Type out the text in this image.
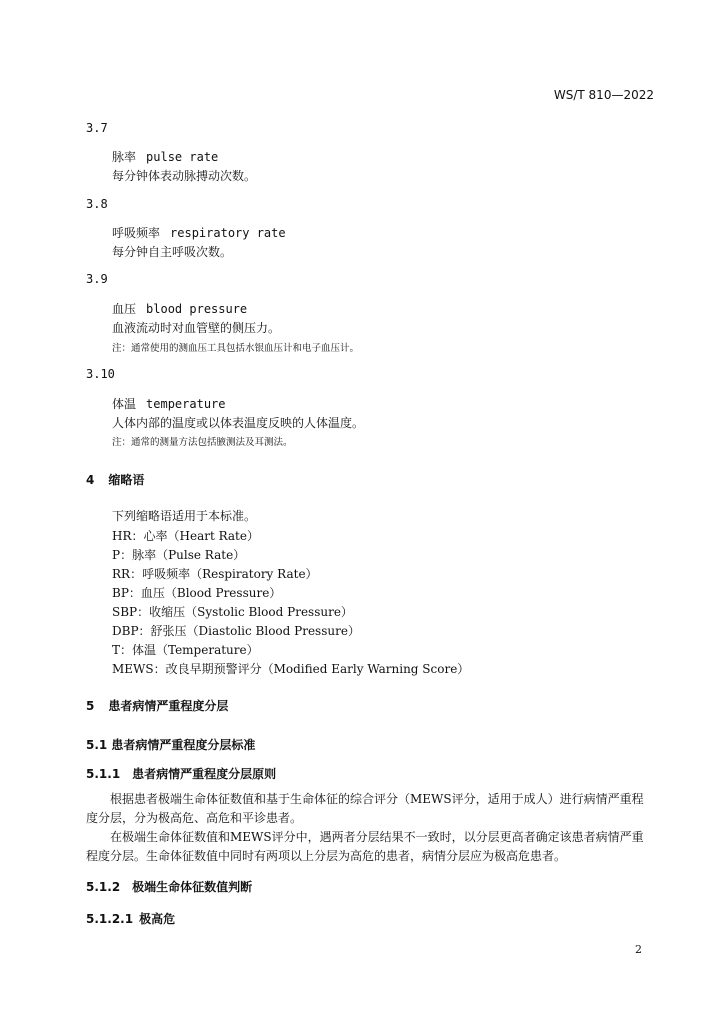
WS/T 810—2022
3.7
脉率 pulse rate
每分钟体表动脉搏动次数。
3.8
呼吸频率 respiratory rate
每分钟自主呼吸次数。
3.9
血压 blood pressure
血液流动时对血管壁的侧压力。
注：通常使用的测血压工具包括水银血压计和电子血压计。
3.10
体温 temperature
人体内部的温度或以体表温度反映的人体温度。
注：通常的测量方法包括腋测法及耳测法。
4 缩略语
下列缩略语适用于本标准。
HR：心率（Heart Rate）
P：脉率（Pulse Rate）
RR：呼吸频率（Respiratory Rate）
BP：血压（Blood Pressure）
SBP：收缩压（Systolic Blood Pressure）
DBP：舒张压（Diastolic Blood Pressure）
T：体温（Temperature）
MEWS：改良早期预警评分（Modified Early Warning Score）
5 患者病情严重程度分层
5.1 患者病情严重程度分层标准
5.1.1 患者病情严重程度分层原则
根据患者极端生命体征数值和基于生命体征的综合评分（MEWS评分，适用于成人）进行病情严重程度分层，分为极高危、高危和平诊患者。
在极端生命体征数值和MEWS评分中，遇两者分层结果不一致时，以分层更高者确定该患者病情严重程度分层。生命体征数值中同时有两项以上分层为高危的患者，病情分层应为极高危患者。
5.1.2 极端生命体征数值判断
5.1.2.1 极高危
2
